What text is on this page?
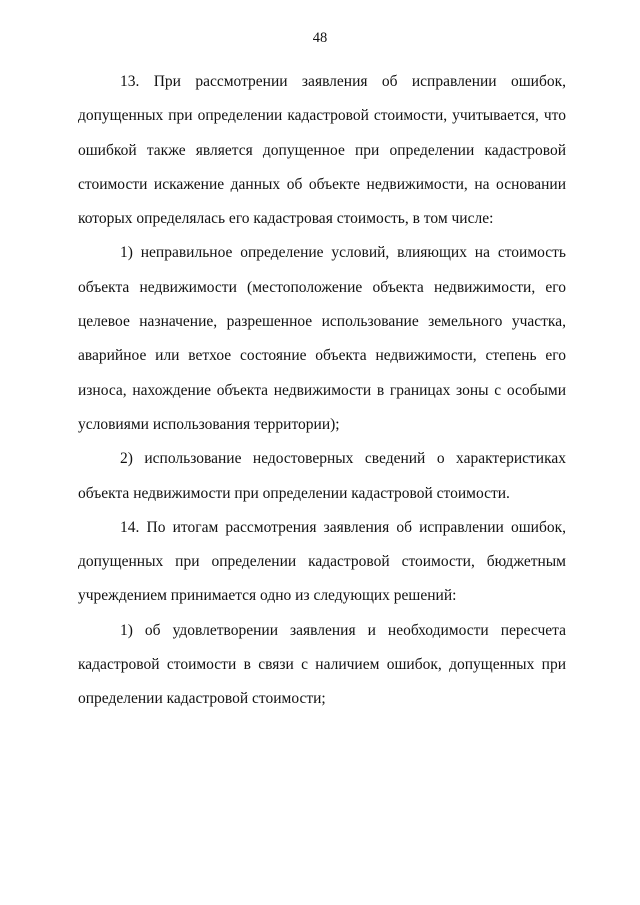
48

13. При рассмотрении заявления об исправлении ошибок, допущенных при определении кадастровой стоимости, учитывается, что ошибкой также является допущенное при определении кадастровой стоимости искажение данных об объекте недвижимости, на основании которых определялась его кадастровая стоимость, в том числе:

1) неправильное определение условий, влияющих на стоимость объекта недвижимости (местоположение объекта недвижимости, его целевое назначение, разрешенное использование земельного участка, аварийное или ветхое состояние объекта недвижимости, степень его износа, нахождение объекта недвижимости в границах зоны с особыми условиями использования территории);

2) использование недостоверных сведений о характеристиках объекта недвижимости при определении кадастровой стоимости.

14. По итогам рассмотрения заявления об исправлении ошибок, допущенных при определении кадастровой стоимости, бюджетным учреждением принимается одно из следующих решений:

1) об удовлетворении заявления и необходимости пересчета кадастровой стоимости в связи с наличием ошибок, допущенных при определении кадастровой стоимости;
